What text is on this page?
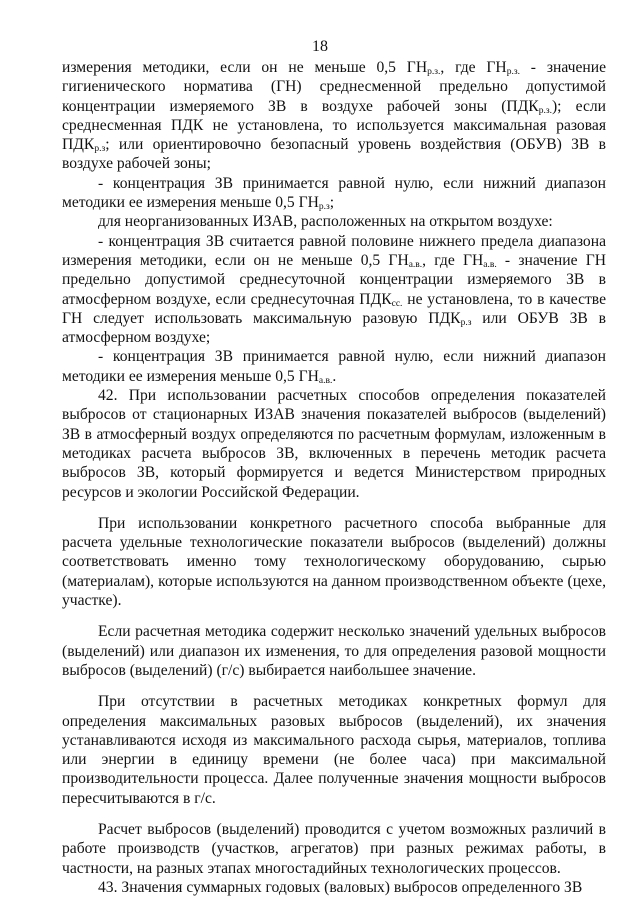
18

измерения методики, если он не меньше 0,5 $ГН_{р.з.}$, где $ГН_{р.з.}$ - значение гигиенического норматива (ГН) среднесменной предельно допустимой концентрации измеряемого ЗВ в воздухе рабочей зоны $(ПДК_{р.з.})$; если среднесменная ПДК не установлена, то используется максимальная разовая $ПДК_{р.з}$; или ориентировочно безопасный уровень воздействия (ОБУВ) ЗВ в воздухе рабочей зоны;

- концентрация ЗВ принимается равной нулю, если нижний диапазон методики ее измерения меньше 0,5 $ГН_{р.з}$;

для неорганизованных ИЗАВ, расположенных на открытом воздухе:

- концентрация ЗВ считается равной половине нижнего предела диапазона измерения методики, если он не меньше 0,5 $ГН_{а.в.}$, где $ГН_{а.в.}$ - значение ГН предельно допустимой среднесуточной концентрации измеряемого ЗВ в атмосферном воздухе, если среднесуточная $ПДК_{сс.}$ не установлена, то в качестве ГН следует использовать максимальную разовую $ПДК_{р.з}$ или ОБУВ ЗВ в атмосферном воздухе;

- концентрация ЗВ принимается равной нулю, если нижний диапазон методики ее измерения меньше 0,5 $ГН_{а.в.}$.

42. При использовании расчетных способов определения показателей выбросов от стационарных ИЗАВ значения показателей выбросов (выделений) ЗВ в атмосферный воздух определяются по расчетным формулам, изложенным в методиках расчета выбросов ЗВ, включенных в перечень методик расчета выбросов ЗВ, который формируется и ведется Министерством природных ресурсов и экологии Российской Федерации.

При использовании конкретного расчетного способа выбранные для расчета удельные технологические показатели выбросов (выделений) должны соответствовать именно тому технологическому оборудованию, сырью (материалам), которые используются на данном производственном объекте (цехе, участке).

Если расчетная методика содержит несколько значений удельных выбросов (выделений) или диапазон их изменения, то для определения разовой мощности выбросов (выделений) (г/с) выбирается наибольшее значение.

При отсутствии в расчетных методиках конкретных формул для определения максимальных разовых выбросов (выделений), их значения устанавливаются исходя из максимального расхода сырья, материалов, топлива или энергии в единицу времени (не более часа) при максимальной производительности процесса. Далее полученные значения мощности выбросов пересчитываются в г/с.

Расчет выбросов (выделений) проводится с учетом возможных различий в работе производств (участков, агрегатов) при разных режимах работы, в частности, на разных этапах многостадийных технологических процессов.

43. Значения суммарных годовых (валовых) выбросов определенного ЗВ
